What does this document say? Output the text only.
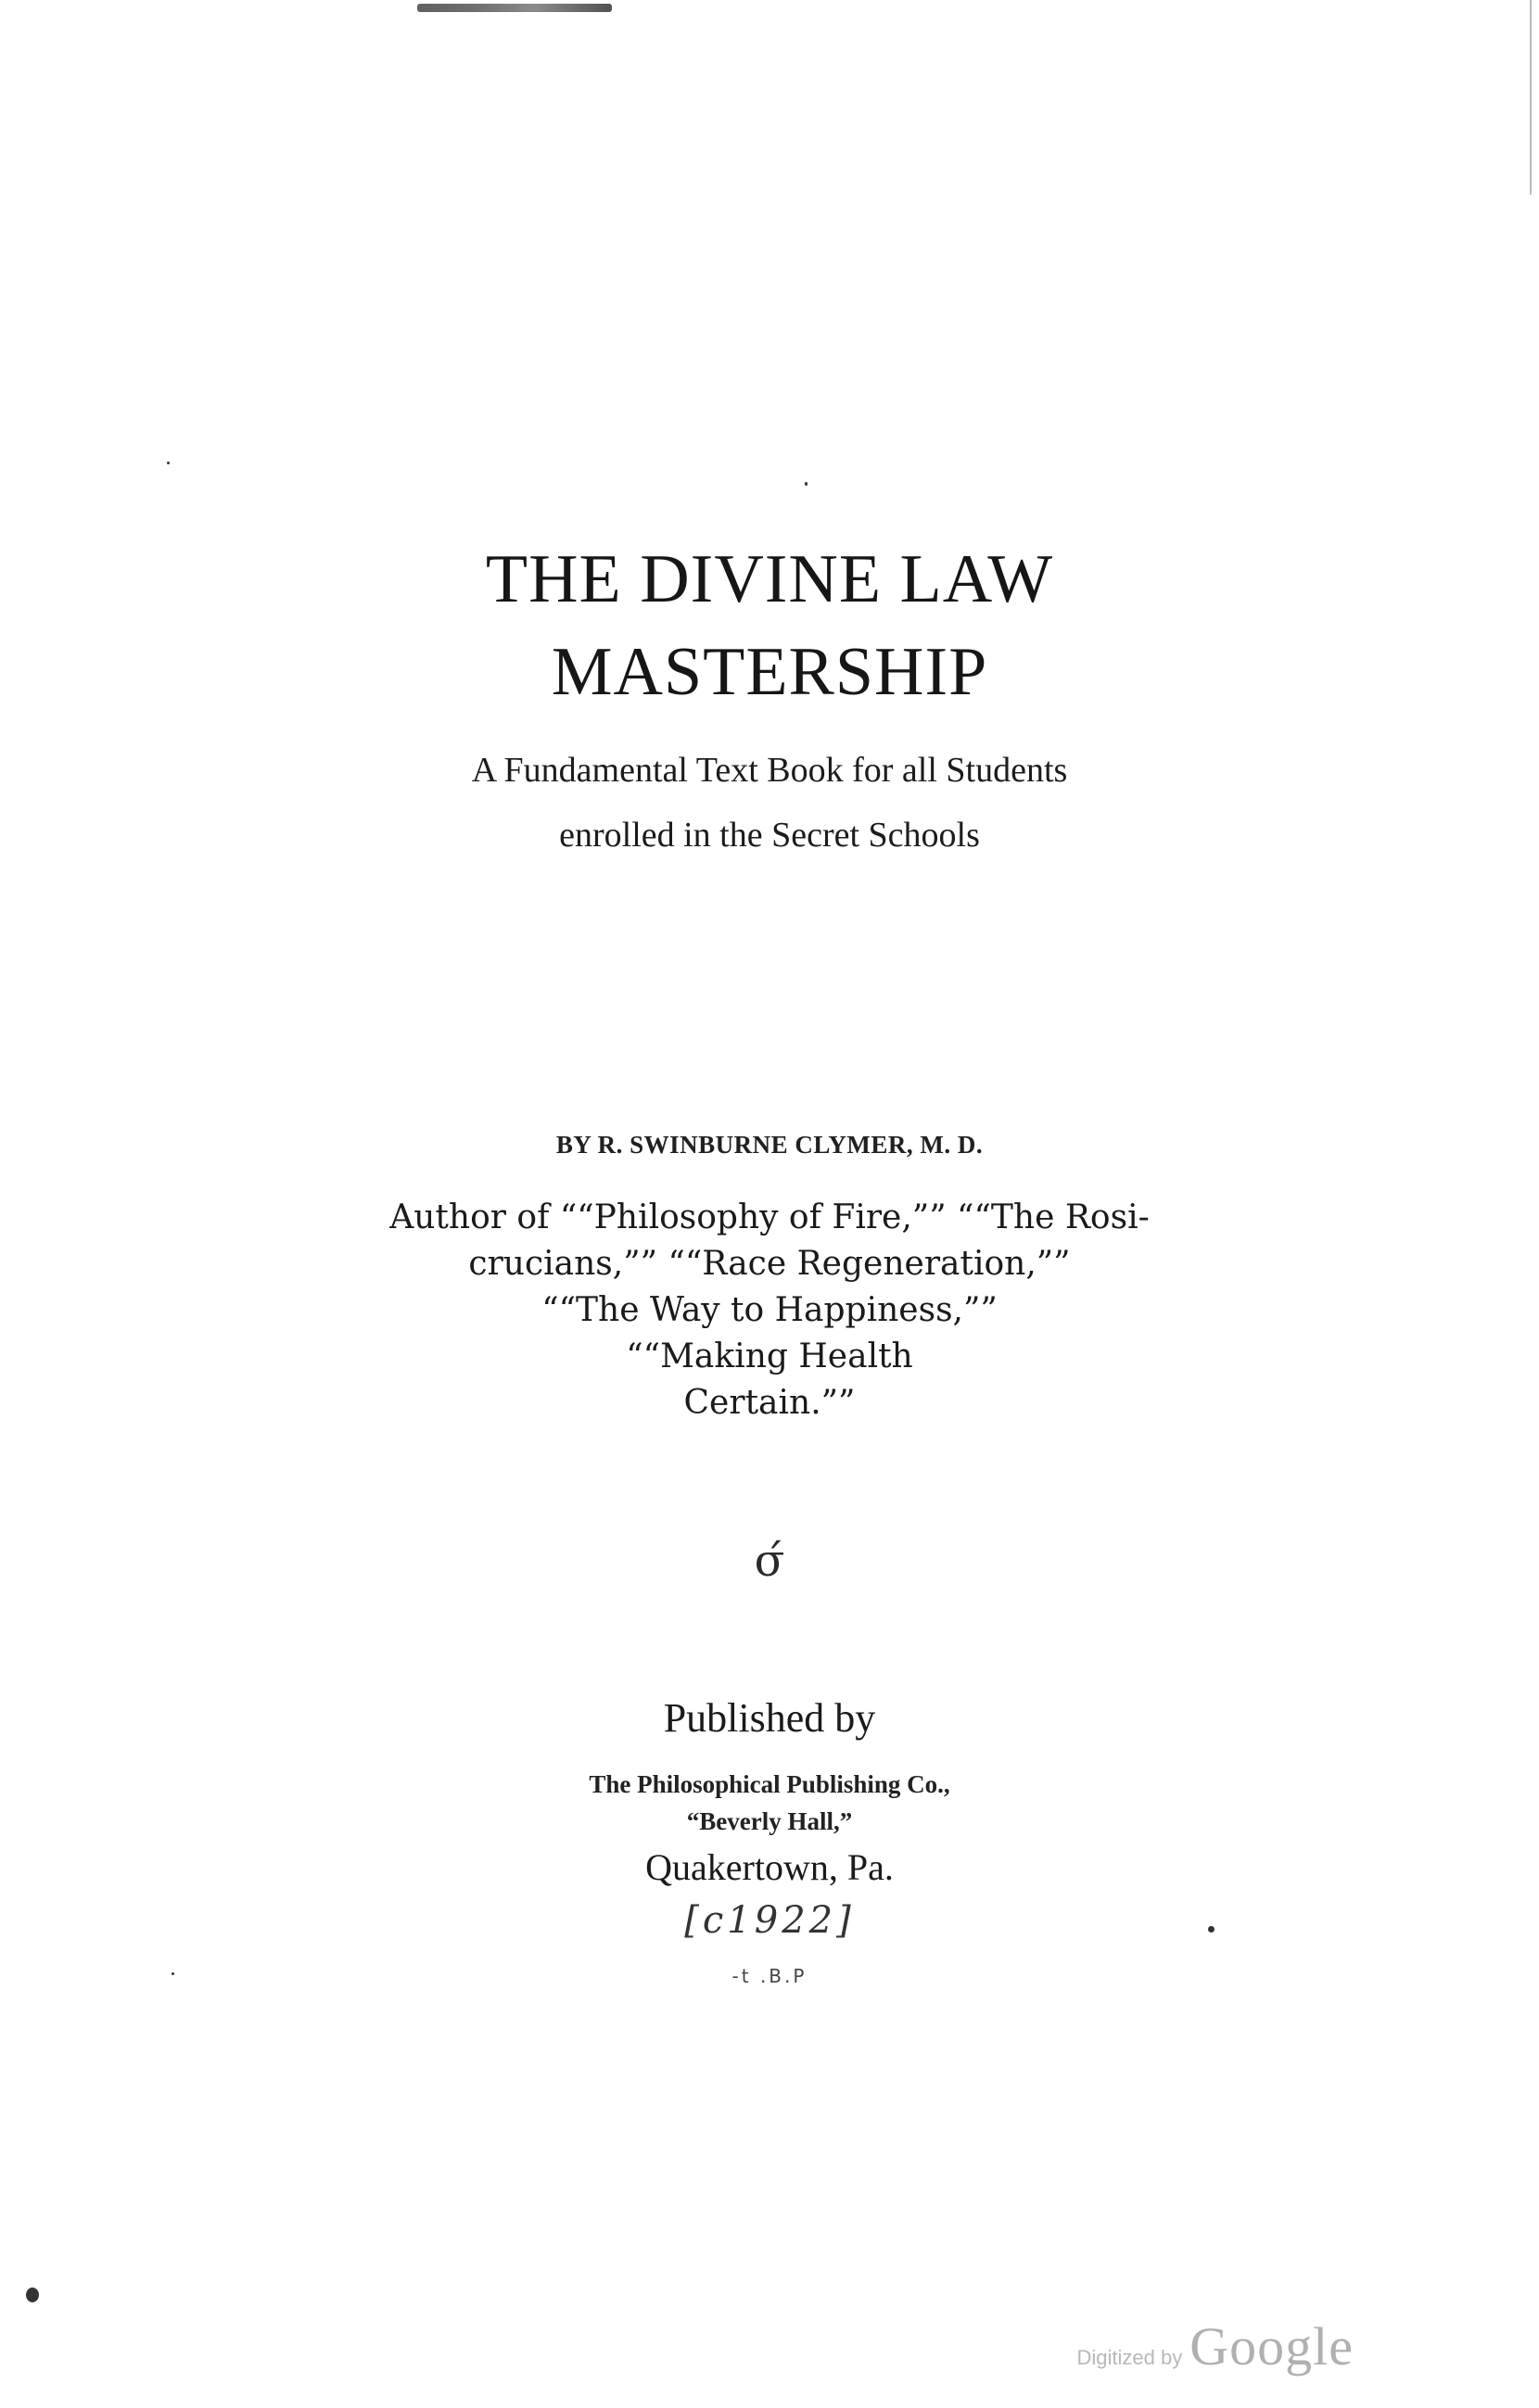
THE DIVINE LAW
MASTERSHIP
A Fundamental Text Book for all Students
enrolled in the Secret Schools
BY R. SWINBURNE CLYMER, M. D.
Author of ““Philosophy of Fire,”” ““The Rosi-
crucians,”” ““Race Regeneration,””
““The Way to Happiness,””
““Making Health
Certain.””
σ́
Published by
The Philosophical Publishing Co.,
“Beverly Hall,”
Quakertown, Pa.
[c1922]
‐t .B.P
Digitized by Google
